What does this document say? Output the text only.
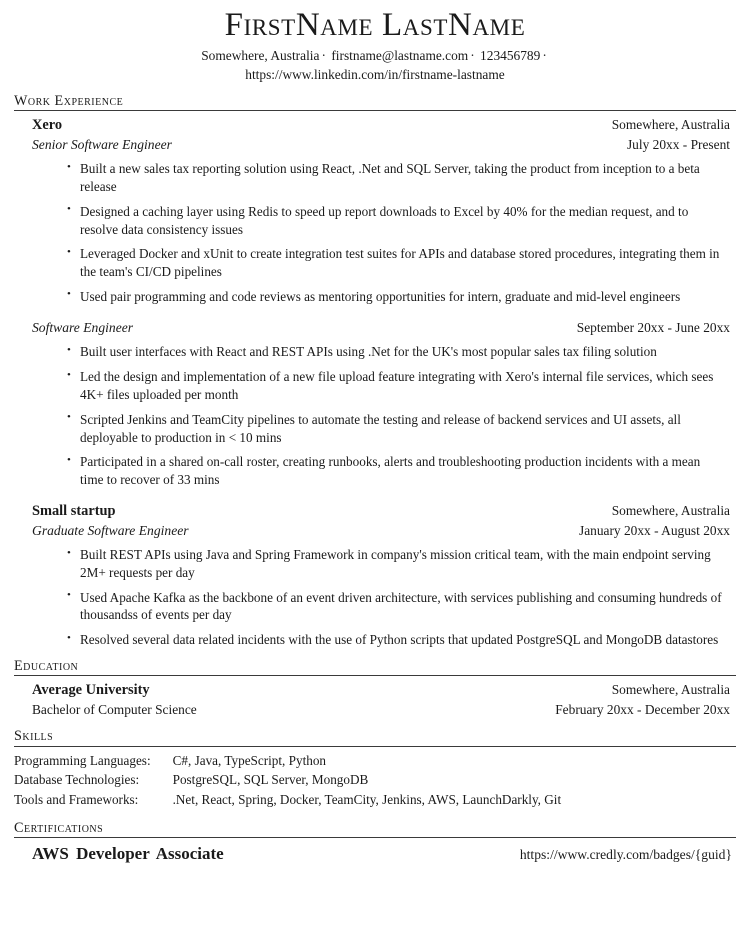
FirstName LastName
Somewhere, Australia · firstname@lastname.com · 123456789 · https://www.linkedin.com/in/firstname-lastname
Work Experience
Xero	Somewhere, Australia
Senior Software Engineer	July 20xx - Present
• Built a new sales tax reporting solution using React, .Net and SQL Server, taking the product from inception to a beta release
• Designed a caching layer using Redis to speed up report downloads to Excel by 40% for the median request, and to resolve data consistency issues
• Leveraged Docker and xUnit to create integration test suites for APIs and database stored procedures, integrating them in the team's CI/CD pipelines
• Used pair programming and code reviews as mentoring opportunities for intern, graduate and mid-level engineers
Software Engineer	September 20xx - June 20xx
• Built user interfaces with React and REST APIs using .Net for the UK's most popular sales tax filing solution
• Led the design and implementation of a new file upload feature integrating with Xero's internal file services, which sees 4K+ files uploaded per month
• Scripted Jenkins and TeamCity pipelines to automate the testing and release of backend services and UI assets, all deployable to production in < 10 mins
• Participated in a shared on-call roster, creating runbooks, alerts and troubleshooting production incidents with a mean time to recover of 33 mins
Small startup	Somewhere, Australia
Graduate Software Engineer	January 20xx - August 20xx
• Built REST APIs using Java and Spring Framework in company's mission critical team, with the main endpoint serving 2M+ requests per day
• Used Apache Kafka as the backbone of an event driven architecture, with services publishing and consuming hundreds of thousandss of events per day
• Resolved several data related incidents with the use of Python scripts that updated PostgreSQL and MongoDB datastores
Education
Average University	Somewhere, Australia
Bachelor of Computer Science	February 20xx - December 20xx
Skills
Programming Languages:	C#, Java, TypeScript, Python
Database Technologies:	PostgreSQL, SQL Server, MongoDB
Tools and Frameworks:	.Net, React, Spring, Docker, TeamCity, Jenkins, AWS, LaunchDarkly, Git
Certifications
AWS Developer Associate	https://www.credly.com/badges/{guid}
